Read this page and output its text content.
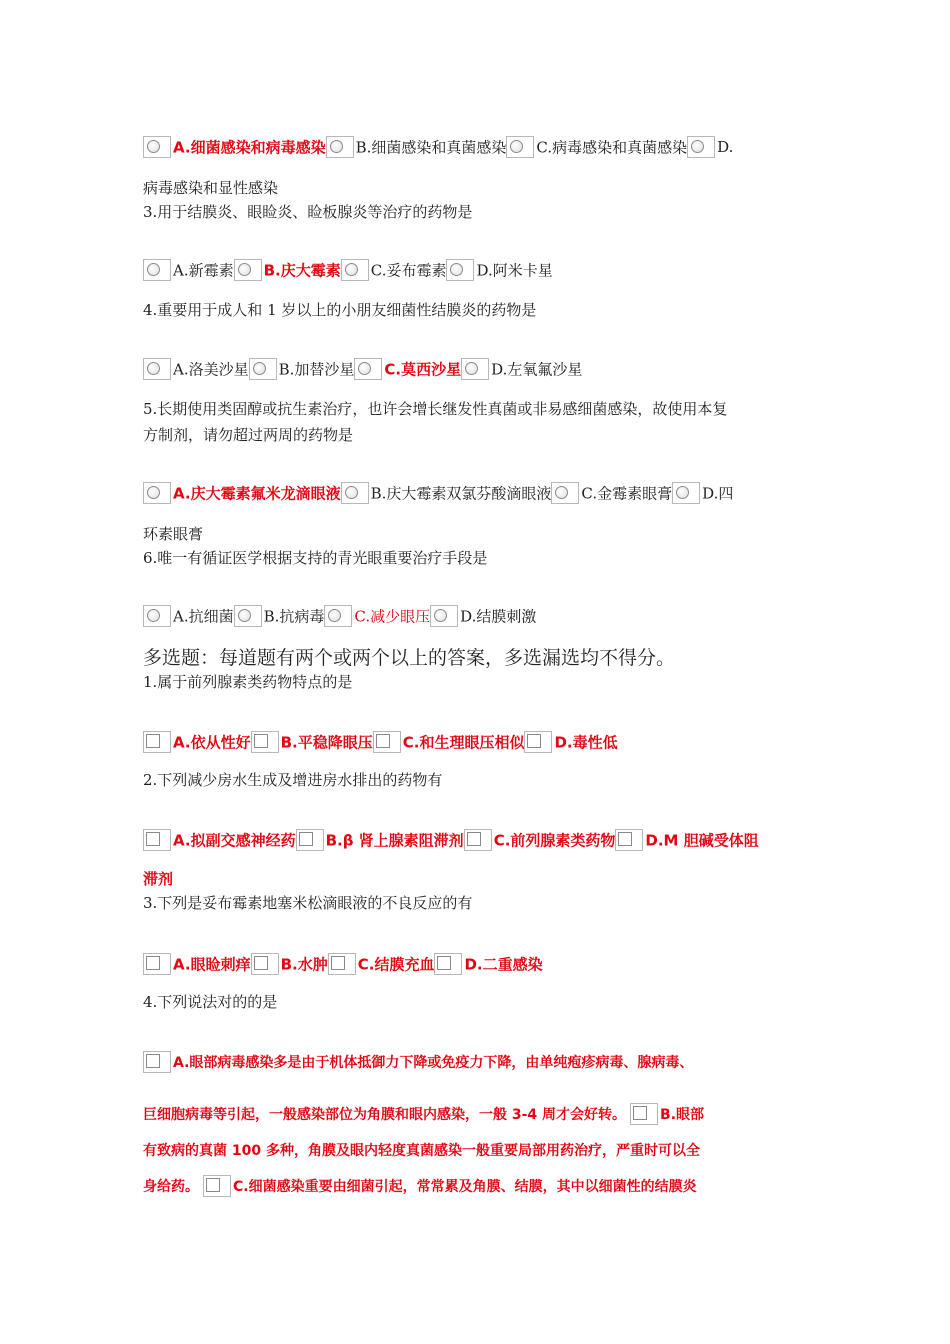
A.细菌感染和病毒感染 B.细菌感染和真菌感染 C.病毒感染和真菌感染 D.
病毒感染和显性感染
3.用于结膜炎、眼睑炎、睑板腺炎等治疗的药物是
A.新霉素 B.庆大霉素 C.妥布霉素 D.阿米卡星
4.重要用于成人和 1 岁以上的小朋友细菌性结膜炎的药物是
A.洛美沙星 B.加替沙星 C.莫西沙星 D.左氧氟沙星
5.长期使用类固醇或抗生素治疗，也许会增长继发性真菌或非易感细菌感染，故使用本复
方制剂，请勿超过两周的药物是
A.庆大霉素氟米龙滴眼液 B.庆大霉素双氯芬酸滴眼液 C.金霉素眼膏 D.四
环素眼膏
6.唯一有循证医学根据支持的青光眼重要治疗手段是
A.抗细菌 B.抗病毒 C.减少眼压 D.结膜刺激
多选题：每道题有两个或两个以上的答案，多选漏选均不得分。
1.属于前列腺素类药物特点的是
A.依从性好 B.平稳降眼压 C.和生理眼压相似 D.毒性低
2.下列减少房水生成及增进房水排出的药物有
A.拟副交感神经药 B.β 肾上腺素阻滞剂 C.前列腺素类药物 D.M 胆碱受体阻
滞剂
3.下列是妥布霉素地塞米松滴眼液的不良反应的有
A.眼睑刺痒 B.水肿 C.结膜充血 D.二重感染
4.下列说法对的的是
A.眼部病毒感染多是由于机体抵御力下降或免疫力下降，由单纯疱疹病毒、腺病毒、
巨细胞病毒等引起，一般感染部位为角膜和眼内感染，一般 3-4 周才会好转。 B.眼部
有致病的真菌 100 多种，角膜及眼内轻度真菌感染一般重要局部用药治疗，严重时可以全
身给药。 C.细菌感染重要由细菌引起，常常累及角膜、结膜，其中以细菌性的结膜炎
